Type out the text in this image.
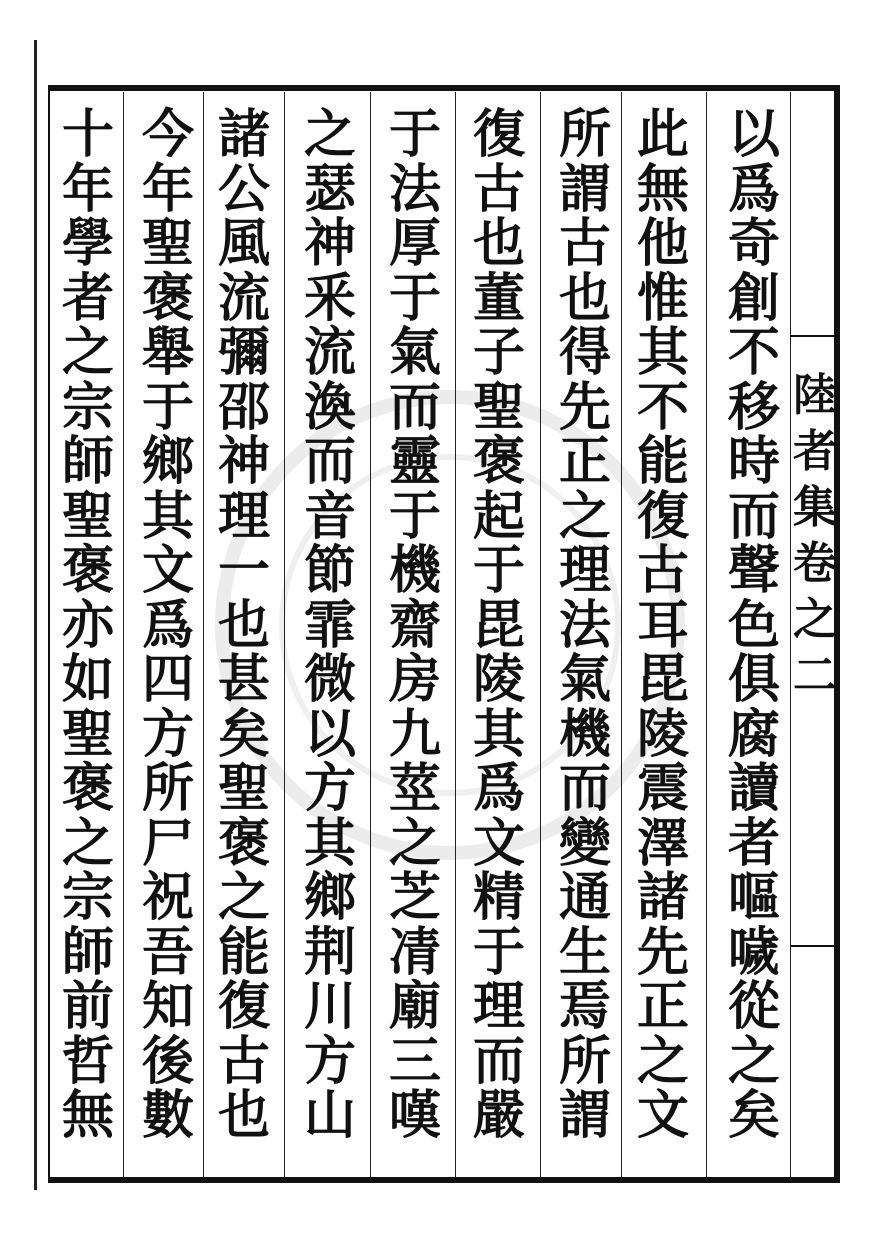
陸
者
集
卷
之
二
以
爲
奇
創
不
移
時
而
聲
色
俱
腐
讀
者
嘔
噦
從
之
矣
此
無
他
惟
其
不
能
復
古
耳
毘
陵
震
澤
諸
先
正
之
文
所
謂
古
也
得
先
正
之
理
法
氣
機
而
變
通
生
焉
所
謂
復
古
也
董
子
聖
褒
起
于
毘
陵
其
爲
文
精
于
理
而
嚴
于
法
厚
于
氣
而
靈
于
機
齋
房
九
莖
之
芝
凊
廟
三
嘆
之
瑟
神
釆
流
渙
而
音
節
霏
微
以
方
其
鄉
荆
川
方
山
諸
公
風
流
彌
邵
神
理
一
也
甚
矣
聖
褒
之
能
復
古
也
今
年
聖
褒
舉
于
鄉
其
文
爲
四
方
所
尸
祝
吾
知
後
數
十
年
學
者
之
宗
師
聖
褒
亦
如
聖
褒
之
宗
師
前
哲
無
